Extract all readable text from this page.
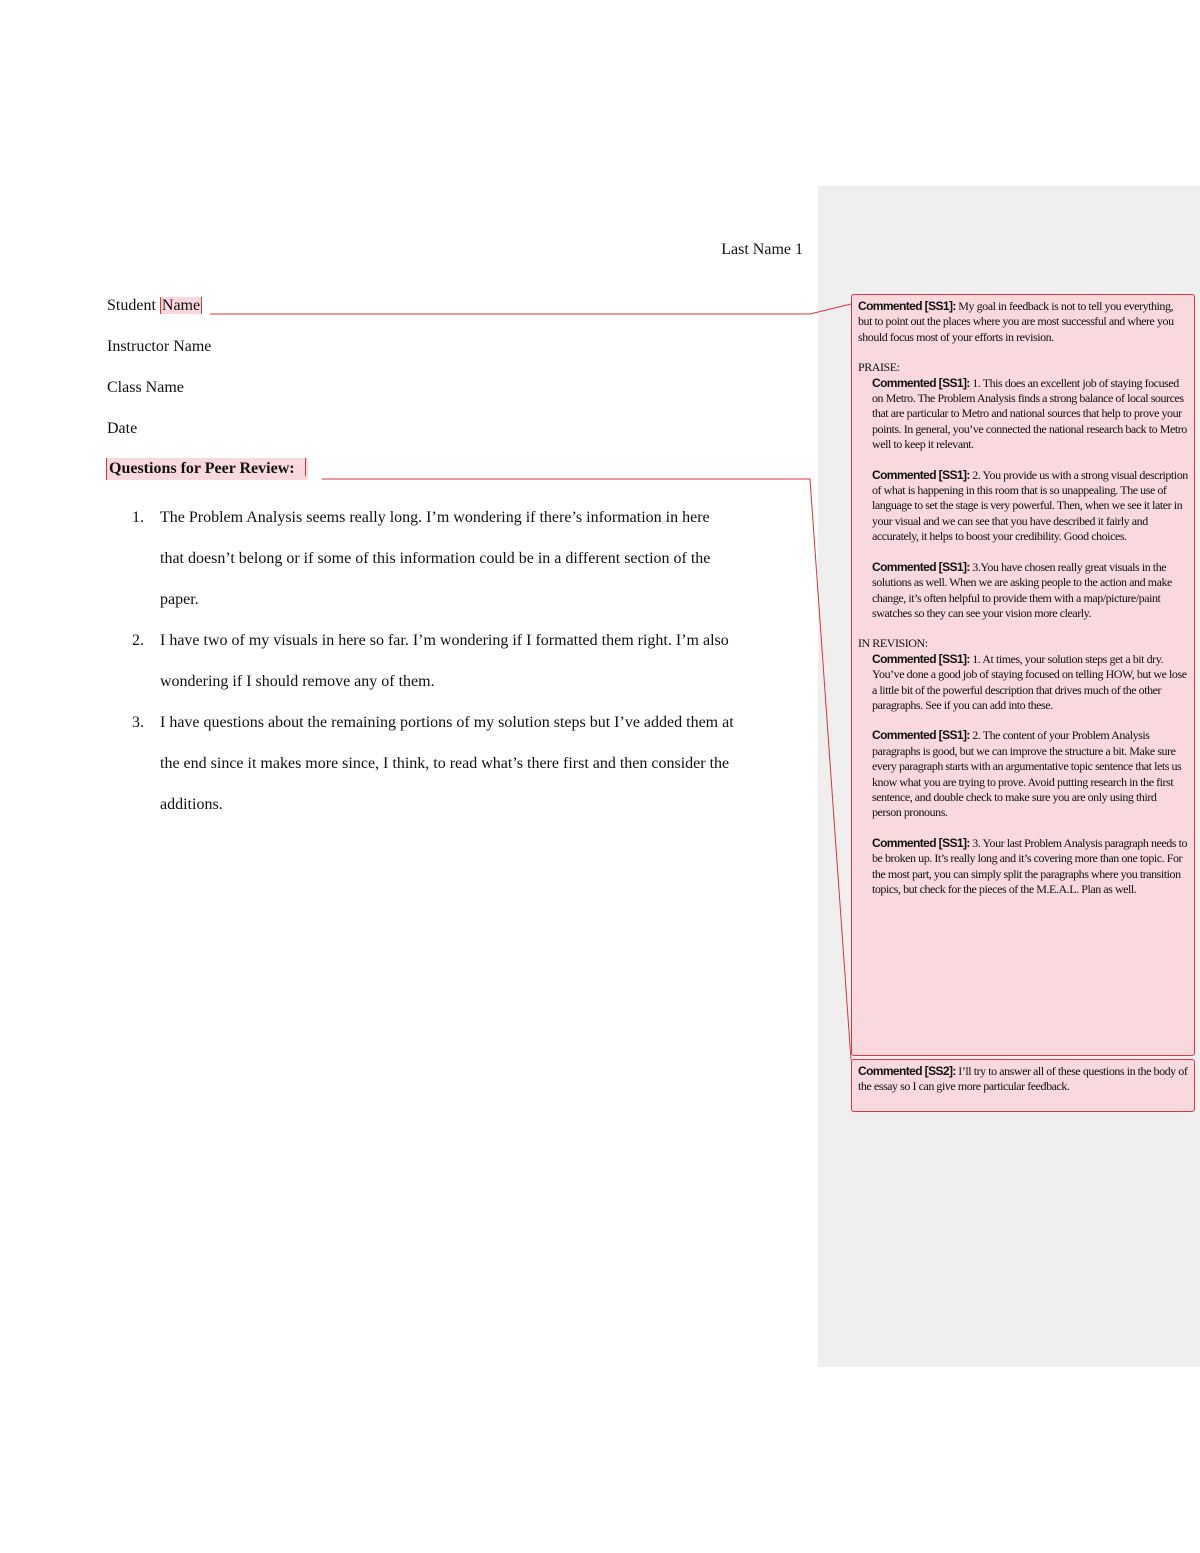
Last Name 1
Student Name
Instructor Name
Class Name
Date
Questions for Peer Review:
1. The Problem Analysis seems really long. I’m wondering if there’s information in here
that doesn’t belong or if some of this information could be in a different section of the
paper.
2. I have two of my visuals in here so far. I’m wondering if I formatted them right. I’m also
wondering if I should remove any of them.
3. I have questions about the remaining portions of my solution steps but I’ve added them at
the end since it makes more since, I think, to read what’s there first and then consider the
additions.
Commented [SS1]: My goal in feedback is not to tell you everything, but to point out the places where you are most successful and where you should focus most of your efforts in revision.
PRAISE:
Commented [SS1]: 1. This does an excellent job of staying focused on Metro. The Problem Analysis finds a strong balance of local sources that are particular to Metro and national sources that help to prove your points. In general, you’ve connected the national research back to Metro well to keep it relevant.
Commented [SS1]: 2. You provide us with a strong visual description of what is happening in this room that is so unappealing. The use of language to set the stage is very powerful. Then, when we see it later in your visual and we can see that you have described it fairly and accurately, it helps to boost your credibility. Good choices.
Commented [SS1]: 3.You have chosen really great visuals in the solutions as well. When we are asking people to the action and make change, it’s often helpful to provide them with a map/picture/paint swatches so they can see your vision more clearly.
IN REVISION:
Commented [SS1]: 1. At times, your solution steps get a bit dry. You’ve done a good job of staying focused on telling HOW, but we lose a little bit of the powerful description that drives much of the other paragraphs. See if you can add into these.
Commented [SS1]: 2. The content of your Problem Analysis paragraphs is good, but we can improve the structure a bit. Make sure every paragraph starts with an argumentative topic sentence that lets us know what you are trying to prove. Avoid putting research in the first sentence, and double check to make sure you are only using third person pronouns.
Commented [SS1]: 3. Your last Problem Analysis paragraph needs to be broken up. It’s really long and it’s covering more than one topic. For the most part, you can simply split the paragraphs where you transition topics, but check for the pieces of the M.E.A.L. Plan as well.
Commented [SS2]: I’ll try to answer all of these questions in the body of the essay so I can give more particular feedback.
